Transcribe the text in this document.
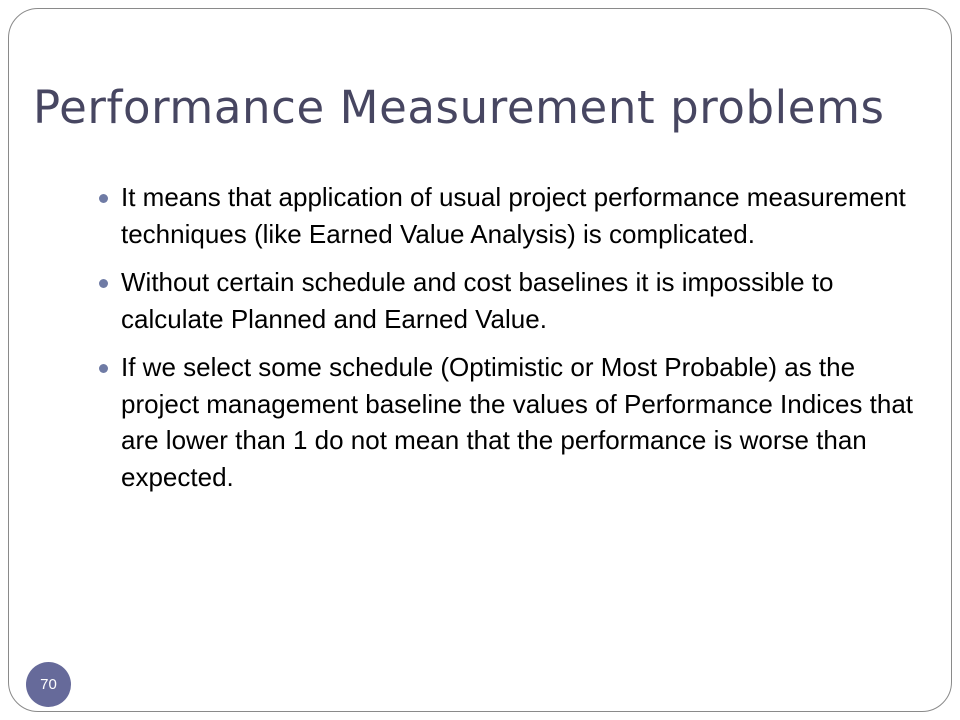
Performance Measurement problems
It means that application of usual project performance measurement techniques (like Earned Value Analysis) is complicated.
Without certain schedule and cost baselines it is impossible to calculate Planned and Earned Value.
If we select some schedule (Optimistic or Most Probable) as the project management baseline the values of Performance Indices that are lower than 1 do not mean that the performance is worse than expected.
70
